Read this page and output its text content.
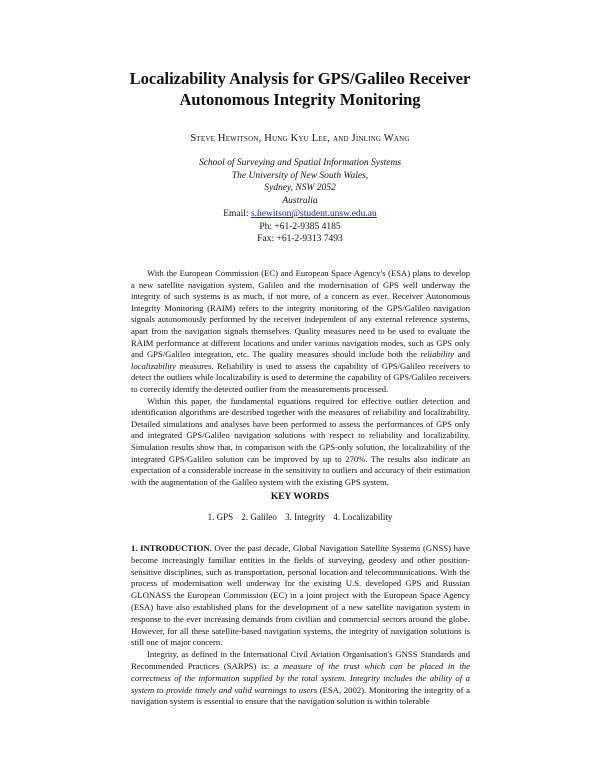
Localizability Analysis for GPS/Galileo Receiver
Autonomous Integrity Monitoring

Steve Hewitson, Hung Kyu Lee, and Jinling Wang

School of Surveying and Spatial Information Systems
The University of New South Wales,
Sydney, NSW 2052
Australia
Email: s.hewitson@student.unsw.edu.au
Ph: +61-2-9385 4185
Fax: +61-2-9313 7493

With the European Commission (EC) and European Space Agency's (ESA) plans to develop a new satellite navigation system, Galileo and the modernisation of GPS well underway the integrity of such systems is as much, if not more, of a concern as ever. Receiver Autonomous Integrity Monitoring (RAIM) refers to the integrity monitoring of the GPS/Galileo navigation signals autonomously performed by the receiver independent of any external reference systems, apart from the navigation signals themselves. Quality measures need to be used to evaluate the RAIM performance at different locations and under various navigation modes, such as GPS only and GPS/Galileo integration, etc. The quality measures should include both the reliability and localizability measures. Reliability is used to assess the capability of GPS/Galileo receivers to detect the outliers while localizability is used to determine the capability of GPS/Galileo receivers to correctly identify the detected outlier from the measurements processed.

Within this paper, the fundamental equations required for effective outlier detection and identification algorithms are described together with the measures of reliability and localizability. Detailed simulations and analyses have been performed to assess the performances of GPS only and integrated GPS/Galileo navigation solutions with respect to reliability and localizability. Simulation results show that, in comparison with the GPS-only solution, the localizability of the integrated GPS/Galileo solution can be improved by up to 270%. The results also indicate an expectation of a considerable increase in the sensitivity to outliers and accuracy of their estimation with the augmentation of the Galileo system with the existing GPS system.

KEY WORDS
1. GPS 2. Galileo 3. Integrity 4. Localizability

1. INTRODUCTION. Over the past decade, Global Navigation Satellite Systems (GNSS) have become increasingly familiar entities in the fields of surveying, geodesy and other position-sensitive disciplines, such as transportation, personal location and telecommunications. With the process of modernisation well underway for the existing U.S. developed GPS and Russian GLONASS the European Commission (EC) in a joint project with the European Space Agency (ESA) have also established plans for the development of a new satellite navigation system in response to the ever increasing demands from civilian and commercial sectors around the globe. However, for all these satellite-based navigation systems, the integrity of navigation solutions is still one of major concern.

Integrity, as defined in the International Civil Aviation Organisation's GNSS Standards and Recommended Practices (SARPS) is: a measure of the trust which can be placed in the correctness of the information supplied by the total system. Integrity includes the ability of a system to provide timely and valid warnings to users (ESA, 2002). Monitoring the integrity of a navigation system is essential to ensure that the navigation solution is within tolerable
